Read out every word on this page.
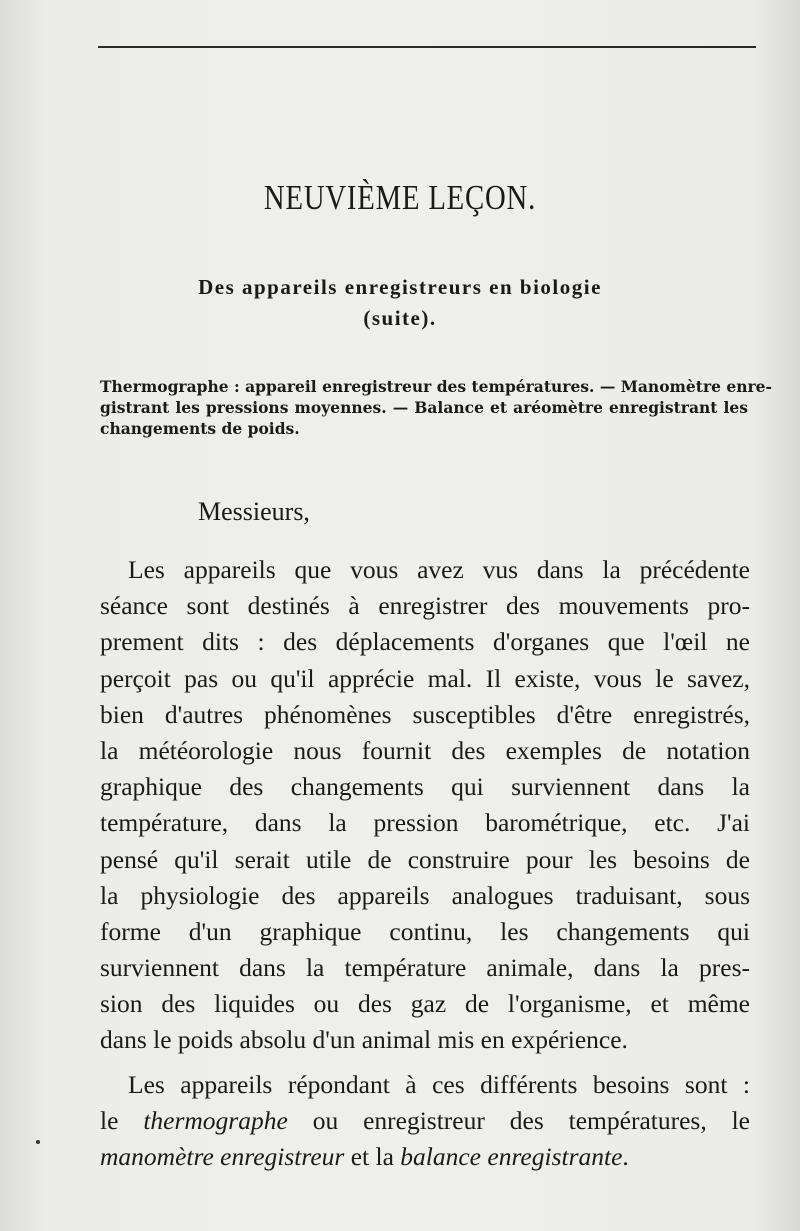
NEUVIÈME LEÇON.
Des appareils enregistreurs en biologie
(suite).
Thermographe : appareil enregistreur des températures. — Manomètre enre-
gistrant les pressions moyennes. — Balance et aréomètre enregistrant les
changements de poids.
Messieurs,
Les appareils que vous avez vus dans la précédente
séance sont destinés à enregistrer des mouvements pro-
prement dits : des déplacements d'organes que l'œil ne
perçoit pas ou qu'il apprécie mal. Il existe, vous le savez,
bien d'autres phénomènes susceptibles d'être enregistrés,
la météorologie nous fournit des exemples de notation
graphique des changements qui surviennent dans la
température, dans la pression barométrique, etc. J'ai
pensé qu'il serait utile de construire pour les besoins de
la physiologie des appareils analogues traduisant, sous
forme d'un graphique continu, les changements qui
surviennent dans la température animale, dans la pres-
sion des liquides ou des gaz de l'organisme, et même
dans le poids absolu d'un animal mis en expérience.
Les appareils répondant à ces différents besoins sont :
le thermographe ou enregistreur des températures, le
manomètre enregistreur et la balance enregistrante.
